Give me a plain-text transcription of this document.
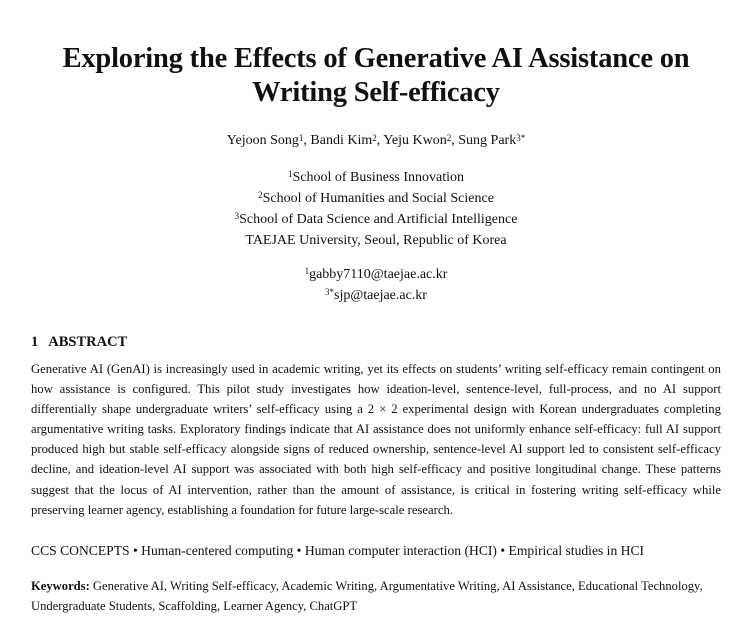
Exploring the Effects of Generative AI Assistance on
Writing Self-efficacy
Yejoon Song$^1$, Bandi Kim$^2$, Yeju Kwon$^2$, Sung Park$^{3*}$
$^1$School of Business Innovation
$^2$School of Humanities and Social Science
$^3$School of Data Science and Artificial Intelligence
TAEJAE University, Seoul, Republic of Korea
$^1$gabby7110@taejae.ac.kr
$^{3*}$sjp@taejae.ac.kr
1 ABSTRACT

Generative AI (GenAI) is increasingly used in academic writing, yet its effects on students’ writing self-efficacy remain contingent on how assistance is configured. This pilot study investigates how ideation-level, sentence-level, full-process, and no AI support differentially shape undergraduate writers’ self-efficacy using a 2 × 2 experimental design with Korean undergraduates completing argumentative writing tasks. Exploratory findings indicate that AI assistance does not uniformly enhance self-efficacy: full AI support produced high but stable self-efficacy alongside signs of reduced ownership, sentence-level AI support led to consistent self-efficacy decline, and ideation-level AI support was associated with both high self-efficacy and positive longitudinal change. These patterns suggest that the locus of AI intervention, rather than the amount of assistance, is critical in fostering writing self-efficacy while preserving learner agency, establishing a foundation for future large-scale research.

CCS CONCEPTS • Human-centered computing • Human computer interaction (HCI) • Empirical studies in HCI

Keywords: Generative AI, Writing Self-efficacy, Academic Writing, Argumentative Writing, AI Assistance, Educational Technology, Undergraduate Students, Scaffolding, Learner Agency, ChatGPT
